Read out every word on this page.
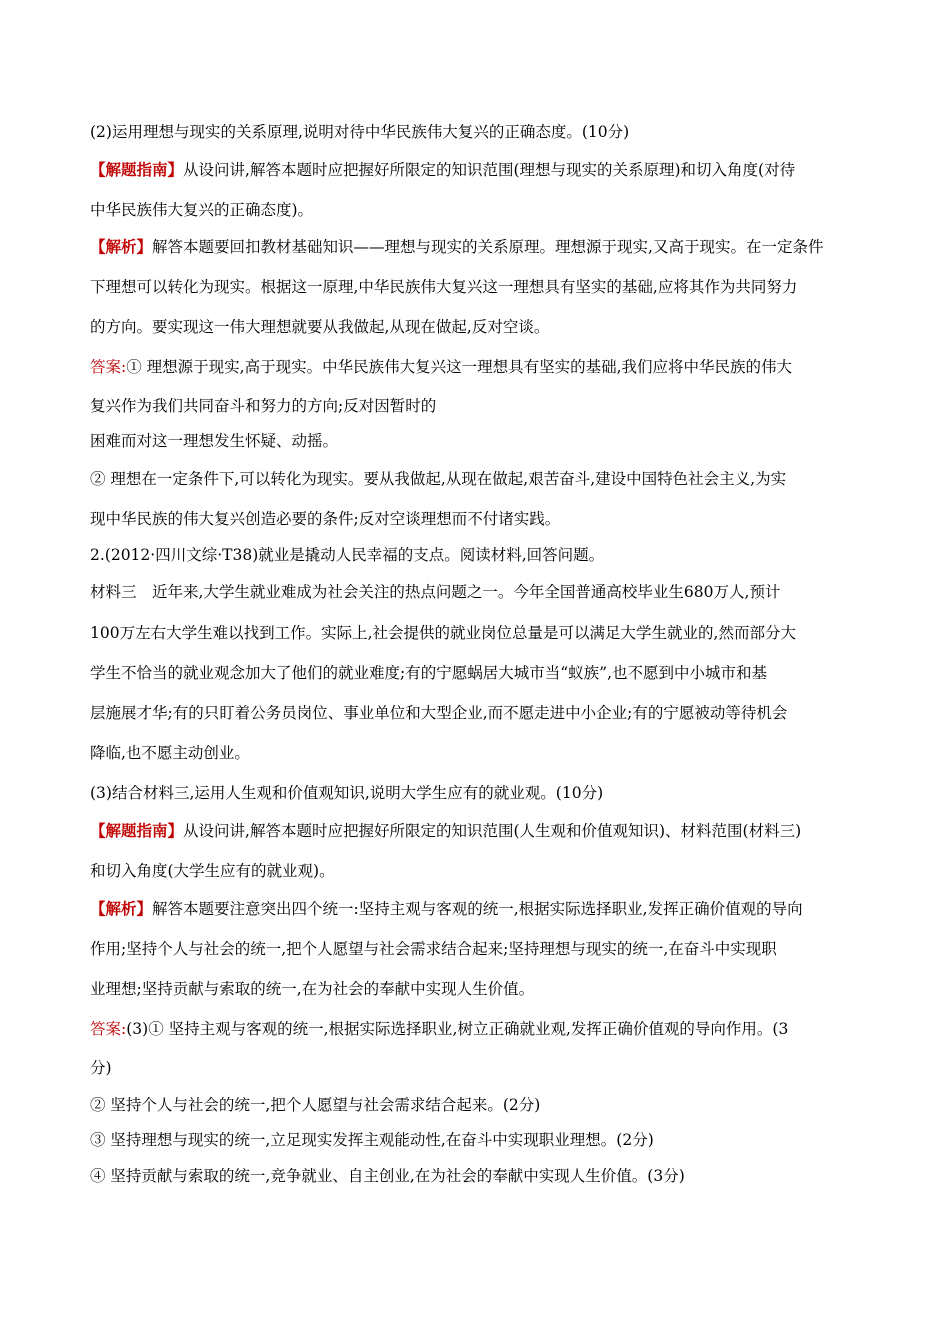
(2)运用理想与现实的关系原理,说明对待中华民族伟大复兴的正确态度。(10分)
【解题指南】从设问讲,解答本题时应把握好所限定的知识范围(理想与现实的关系原理)和切入角度(对待
中华民族伟大复兴的正确态度)。
【解析】解答本题要回扣教材基础知识——理想与现实的关系原理。理想源于现实,又高于现实。在一定条件
下理想可以转化为现实。根据这一原理,中华民族伟大复兴这一理想具有坚实的基础,应将其作为共同努力
的方向。要实现这一伟大理想就要从我做起,从现在做起,反对空谈。
答案:① 理想源于现实,高于现实。中华民族伟大复兴这一理想具有坚实的基础,我们应将中华民族的伟大
复兴作为我们共同奋斗和努力的方向;反对因暂时的
困难而对这一理想发生怀疑、动摇。
② 理想在一定条件下,可以转化为现实。要从我做起,从现在做起,艰苦奋斗,建设中国特色社会主义,为实
现中华民族的伟大复兴创造必要的条件;反对空谈理想而不付诸实践。
2.(2012·四川文综·T38)就业是撬动人民幸福的支点。阅读材料,回答问题。
材料三　近年来,大学生就业难成为社会关注的热点问题之一。今年全国普通高校毕业生680万人,预计
100万左右大学生难以找到工作。实际上,社会提供的就业岗位总量是可以满足大学生就业的,然而部分大
学生不恰当的就业观念加大了他们的就业难度;有的宁愿蜗居大城市当“蚁族”,也不愿到中小城市和基
层施展才华;有的只盯着公务员岗位、事业单位和大型企业,而不愿走进中小企业;有的宁愿被动等待机会
降临,也不愿主动创业。
(3)结合材料三,运用人生观和价值观知识,说明大学生应有的就业观。(10分)
【解题指南】从设问讲,解答本题时应把握好所限定的知识范围(人生观和价值观知识)、材料范围(材料三)
和切入角度(大学生应有的就业观)。
【解析】解答本题要注意突出四个统一:坚持主观与客观的统一,根据实际选择职业,发挥正确价值观的导向
作用;坚持个人与社会的统一,把个人愿望与社会需求结合起来;坚持理想与现实的统一,在奋斗中实现职
业理想;坚持贡献与索取的统一,在为社会的奉献中实现人生价值。
答案:(3)① 坚持主观与客观的统一,根据实际选择职业,树立正确就业观,发挥正确价值观的导向作用。(3
分)
② 坚持个人与社会的统一,把个人愿望与社会需求结合起来。(2分)
③ 坚持理想与现实的统一,立足现实发挥主观能动性,在奋斗中实现职业理想。(2分)
④ 坚持贡献与索取的统一,竞争就业、自主创业,在为社会的奉献中实现人生价值。(3分)
